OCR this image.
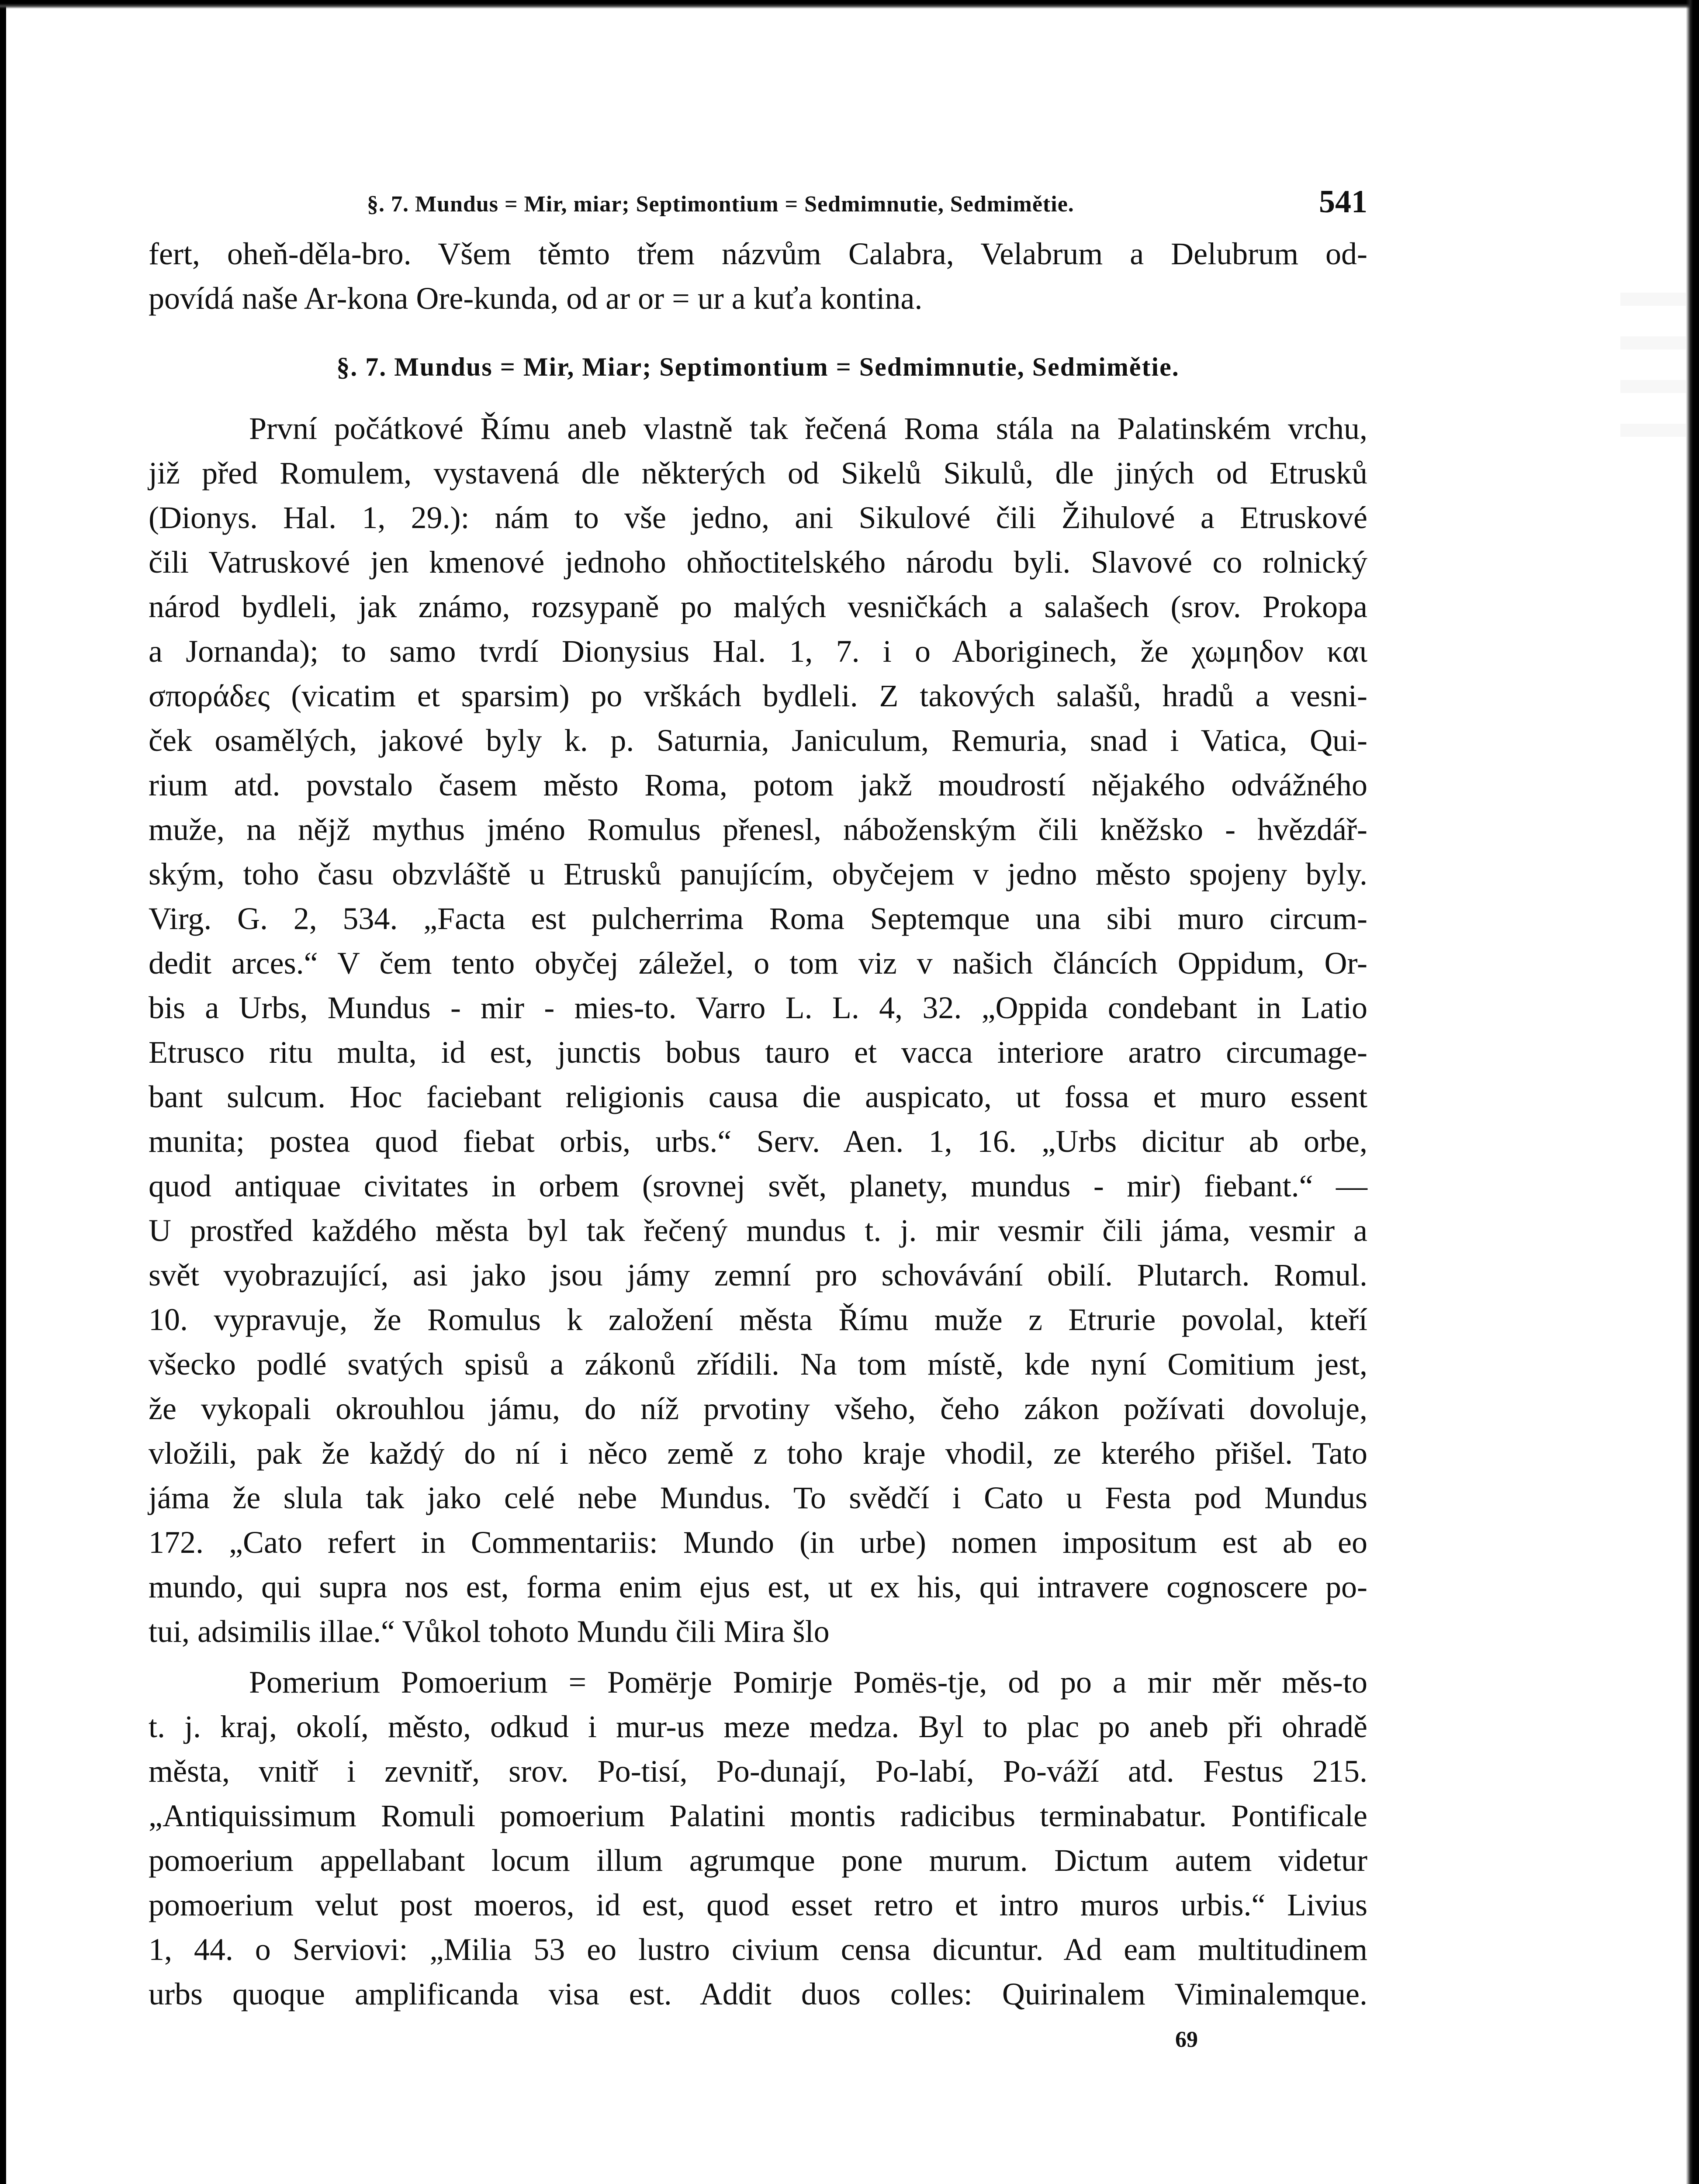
§. 7. Mundus = Mir, miar; Septimontium = Sedmimnutie, Sedmimětie.	541
fert, oheň-děla-bro. Všem těmto třem názvům Calabra, Velabrum a Delubrum od-
povídá naše Ar-kona Ore-kunda, od ar or = ur a kuťa kontina.
§. 7. Mundus = Mir, Miar; Septimontium = Sedmimnutie, Sedmimětie.
První počátkové Římu aneb vlastně tak řečená Roma stála na Palatinském vrchu,
již před Romulem, vystavená dle některých od Sikelů Sikulů, dle jiných od Etrusků
(Dionys. Hal. 1, 29.): nám to vše jedno, ani Sikulové čili Žihulové a Etruskové
čili Vatruskové jen kmenové jednoho ohňoctitelského národu byli. Slavové co rolnický
národ bydleli, jak známo, rozsypaně po malých vesničkách a salašech (srov. Prokopa
a Jornanda); to samo tvrdí Dionysius Hal. 1, 7. i o Aboriginech, že χωμηδον και
σποράδες (vicatim et sparsim) po vrškách bydleli. Z takových salašů, hradů a vesni-
ček osamělých, jakové byly k. p. Saturnia, Janiculum, Remuria, snad i Vatica, Qui-
rium atd. povstalo časem město Roma, potom jakž moudrostí nějakého odvážného
muže, na nějž mythus jméno Romulus přenesl, náboženským čili kněžsko - hvězdář-
ským, toho času obzvláště u Etrusků panujícím, obyčejem v jedno město spojeny byly.
Virg. G. 2, 534. „Facta est pulcherrima Roma Septemque una sibi muro circum-
dedit arces.“ V čem tento obyčej záležel, o tom viz v našich článcích Oppidum, Or-
bis a Urbs, Mundus - mir - mies-to. Varro L. L. 4, 32. „Oppida condebant in Latio
Etrusco ritu multa, id est, junctis bobus tauro et vacca interiore aratro circumage-
bant sulcum. Hoc faciebant religionis causa die auspicato, ut fossa et muro essent
munita; postea quod fiebat orbis, urbs.“ Serv. Aen. 1, 16. „Urbs dicitur ab orbe,
quod antiquae civitates in orbem (srovnej svět, planety, mundus - mir) fiebant.“ —
U prostřed každého města byl tak řečený mundus t. j. mir vesmir čili jáma, vesmir a
svět vyobrazující, asi jako jsou jámy zemní pro schovávání obilí. Plutarch. Romul.
10. vypravuje, že Romulus k založení města Římu muže z Etrurie povolal, kteří
všecko podlé svatých spisů a zákonů zřídili. Na tom místě, kde nyní Comitium jest,
že vykopali okrouhlou jámu, do níž prvotiny všeho, čeho zákon požívati dovoluje,
vložili, pak že každý do ní i něco země z toho kraje vhodil, ze kterého přišel. Tato
jáma že slula tak jako celé nebe Mundus. To svědčí i Cato u Festa pod Mundus
172. „Cato refert in Commentariis: Mundo (in urbe) nomen impositum est ab eo
mundo, qui supra nos est, forma enim ejus est, ut ex his, qui intravere cognoscere po-
tui, adsimilis illae.“ Vůkol tohoto Mundu čili Mira šlo
Pomerium Pomoerium = Pomërje Pomirje Pomës-tje, od po a mir měr měs-to
t. j. kraj, okolí, město, odkud i mur-us meze medza. Byl to plac po aneb při ohradě
města, vnitř i zevnitř, srov. Po-tisí, Po-dunají, Po-labí, Po-váží atd. Festus 215.
„Antiquissimum Romuli pomoerium Palatini montis radicibus terminabatur. Pontificale
pomoerium appellabant locum illum agrumque pone murum. Dictum autem videtur
pomoerium velut post moeros, id est, quod esset retro et intro muros urbis.“ Livius
1, 44. o Serviovi: „Milia 53 eo lustro civium censa dicuntur. Ad eam multitudinem
urbs quoque amplificanda visa est. Addit duos colles: Quirinalem Viminalemque.
69
